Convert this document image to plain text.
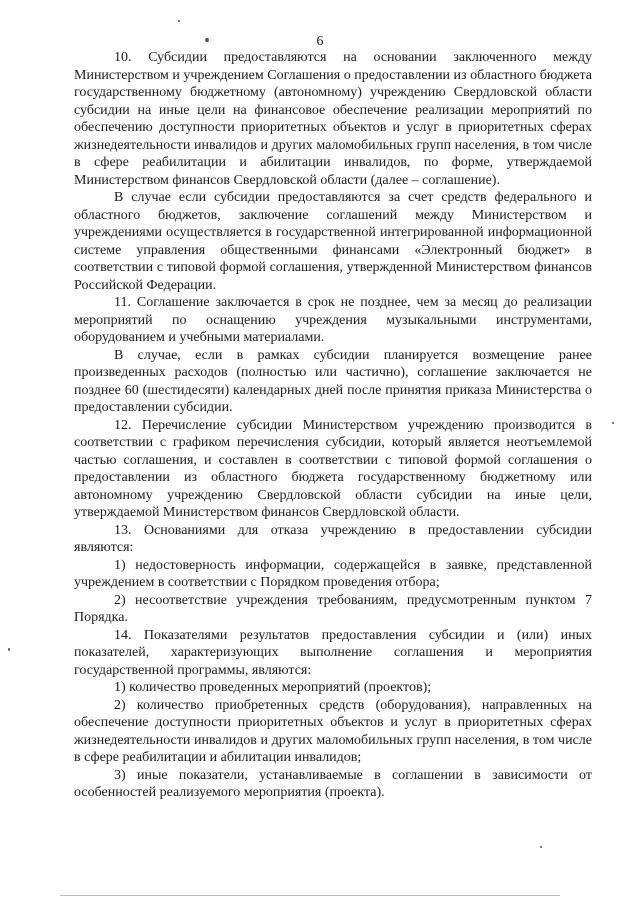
6

10. Субсидии предоставляются на основании заключенного между Министерством и учреждением Соглашения о предоставлении из областного бюджета государственному бюджетному (автономному) учреждению Свердловской области субсидии на иные цели на финансовое обеспечение реализации мероприятий по обеспечению доступности приоритетных объектов и услуг в приоритетных сферах жизнедеятельности инвалидов и других маломобильных групп населения, в том числе в сфере реабилитации и абилитации инвалидов, по форме, утверждаемой Министерством финансов Свердловской области (далее – соглашение).

В случае если субсидии предоставляются за счет средств федерального и областного бюджетов, заключение соглашений между Министерством и учреждениями осуществляется в государственной интегрированной информационной системе управления общественными финансами «Электронный бюджет» в соответствии с типовой формой соглашения, утвержденной Министерством финансов Российской Федерации.

11. Соглашение заключается в срок не позднее, чем за месяц до реализации мероприятий по оснащению учреждения музыкальными инструментами, оборудованием и учебными материалами.

В случае, если в рамках субсидии планируется возмещение ранее произведенных расходов (полностью или частично), соглашение заключается не позднее 60 (шестидесяти) календарных дней после принятия приказа Министерства о предоставлении субсидии.

12. Перечисление субсидии Министерством учреждению производится в соответствии с графиком перечисления субсидии, который является неотъемлемой частью соглашения, и составлен в соответствии с типовой формой соглашения о предоставлении из областного бюджета государственному бюджетному или автономному учреждению Свердловской области субсидии на иные цели, утверждаемой Министерством финансов Свердловской области.

13. Основаниями для отказа учреждению в предоставлении субсидии являются:

1) недостоверность информации, содержащейся в заявке, представленной учреждением в соответствии с Порядком проведения отбора;

2) несоответствие учреждения требованиям, предусмотренным пунктом 7 Порядка.

14. Показателями результатов предоставления субсидии и (или) иных показателей, характеризующих выполнение соглашения и мероприятия государственной программы, являются:

1) количество проведенных мероприятий (проектов);

2) количество приобретенных средств (оборудования), направленных на обеспечение доступности приоритетных объектов и услуг в приоритетных сферах жизнедеятельности инвалидов и других маломобильных групп населения, в том числе в сфере реабилитации и абилитации инвалидов;

3) иные показатели, устанавливаемые в соглашении в зависимости от особенностей реализуемого мероприятия (проекта).
